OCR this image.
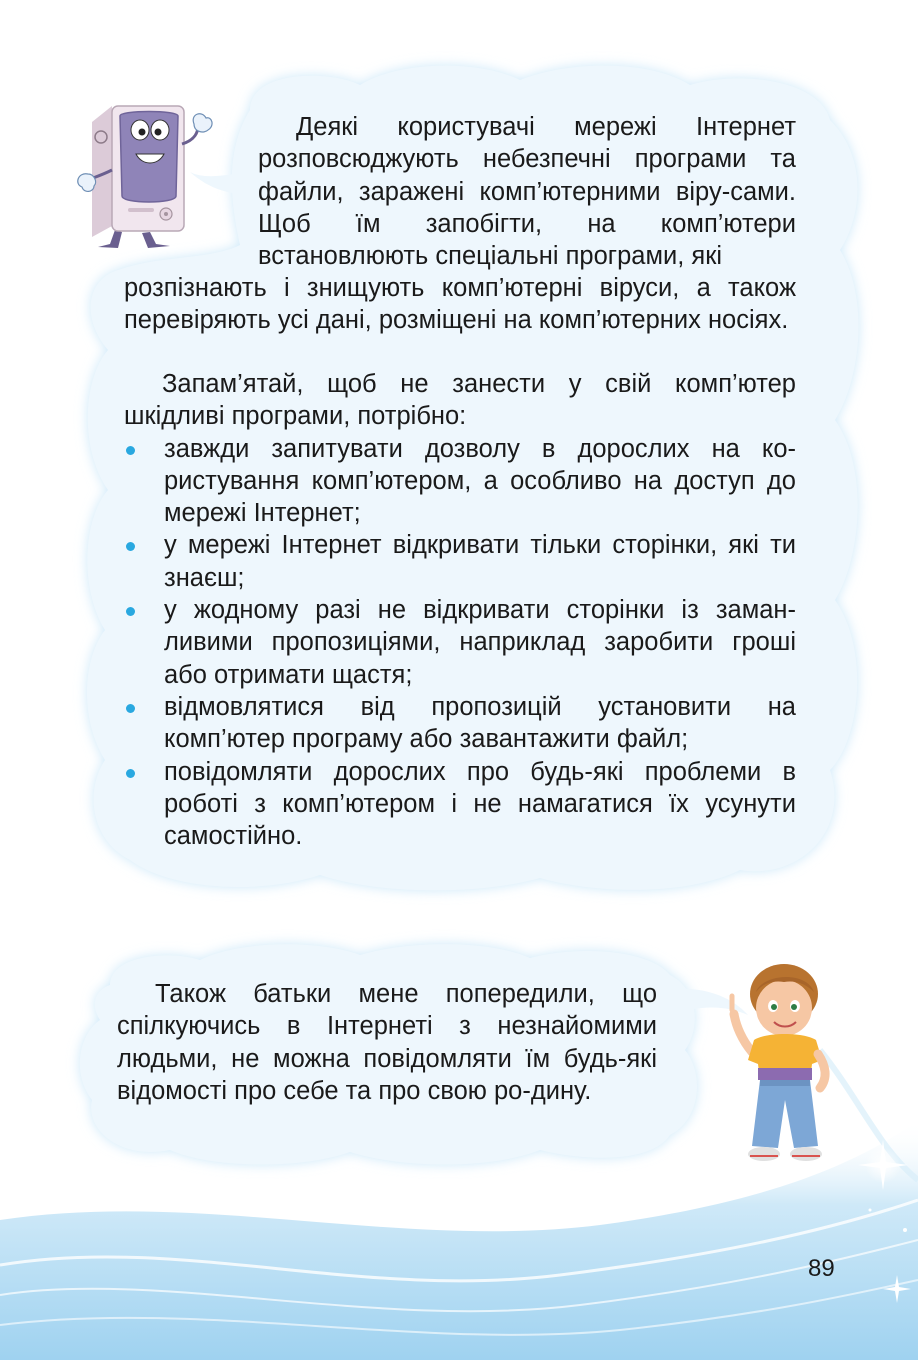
Деякі користувачі мережі Інтернет розповсюджують небезпечні програми та файли, заражені комп’ютерними віру-сами. Щоб їм запобігти, на комп’ютери встановлюють спеціальні програми, які

розпізнають і знищують комп’ютерні віруси, а також перевіряють усі дані, розміщені на комп’ютерних носіях.

Запам’ятай, щоб не занести у свій комп’ютер шкідливі програми, потрібно:

завжди запитувати дозволу в дорослих на ко-ристування комп’ютером, а особливо на доступ до мережі Інтернет;
у мережі Інтернет відкривати тільки сторінки, які ти знаєш;
у жодному разі не відкривати сторінки із заман-ливими пропозиціями, наприклад заробити гроші або отримати щастя;
відмовлятися від пропозицій установити на комп’ютер програму або завантажити файл;
повідомляти дорослих про будь-які проблеми в роботі з комп’ютером і не намагатися їх усунути самостійно.

Також батьки мене попередили, що спілкуючись в Інтернеті з незнайомими людьми, не можна повідомляти їм будь-які відомості про себе та про свою ро-дину.

89
